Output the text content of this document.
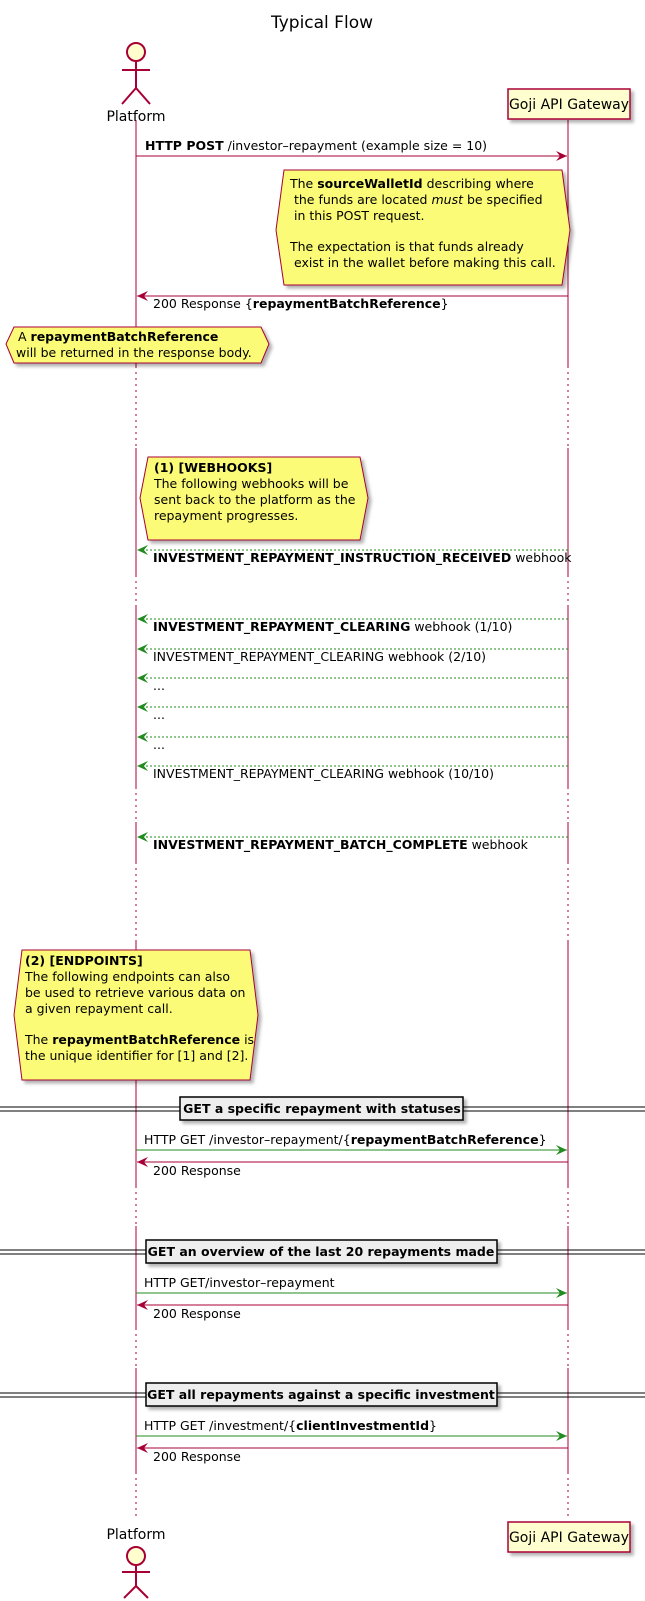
Typical Flow
Platform
Goji API Gateway
HTTP POST /investor–repayment (example size = 10)
The sourceWalletId describing where
the funds are located must be specified
in this POST request.
The expectation is that funds already
exist in the wallet before making this call.
200 Response {repaymentBatchReference}
A repaymentBatchReference
will be returned in the response body.
(1) [WEBHOOKS]
The following webhooks will be
sent back to the platform as the
repayment progresses.
INVESTMENT_REPAYMENT_INSTRUCTION_RECEIVED webhook
INVESTMENT_REPAYMENT_CLEARING webhook (1/10)
INVESTMENT_REPAYMENT_CLEARING webhook (2/10)
...
...
...
INVESTMENT_REPAYMENT_CLEARING webhook (10/10)
INVESTMENT_REPAYMENT_BATCH_COMPLETE webhook
(2) [ENDPOINTS]
The following endpoints can also
be used to retrieve various data on
a given repayment call.
The repaymentBatchReference is
the unique identifier for [1] and [2].
GET a specific repayment with statuses
HTTP GET /investor–repayment/{repaymentBatchReference}
200 Response
GET an overview of the last 20 repayments made
HTTP GET/investor–repayment
200 Response
GET all repayments against a specific investment
HTTP GET /investment/{clientInvestmentId}
200 Response
Platform	Goji API Gateway
